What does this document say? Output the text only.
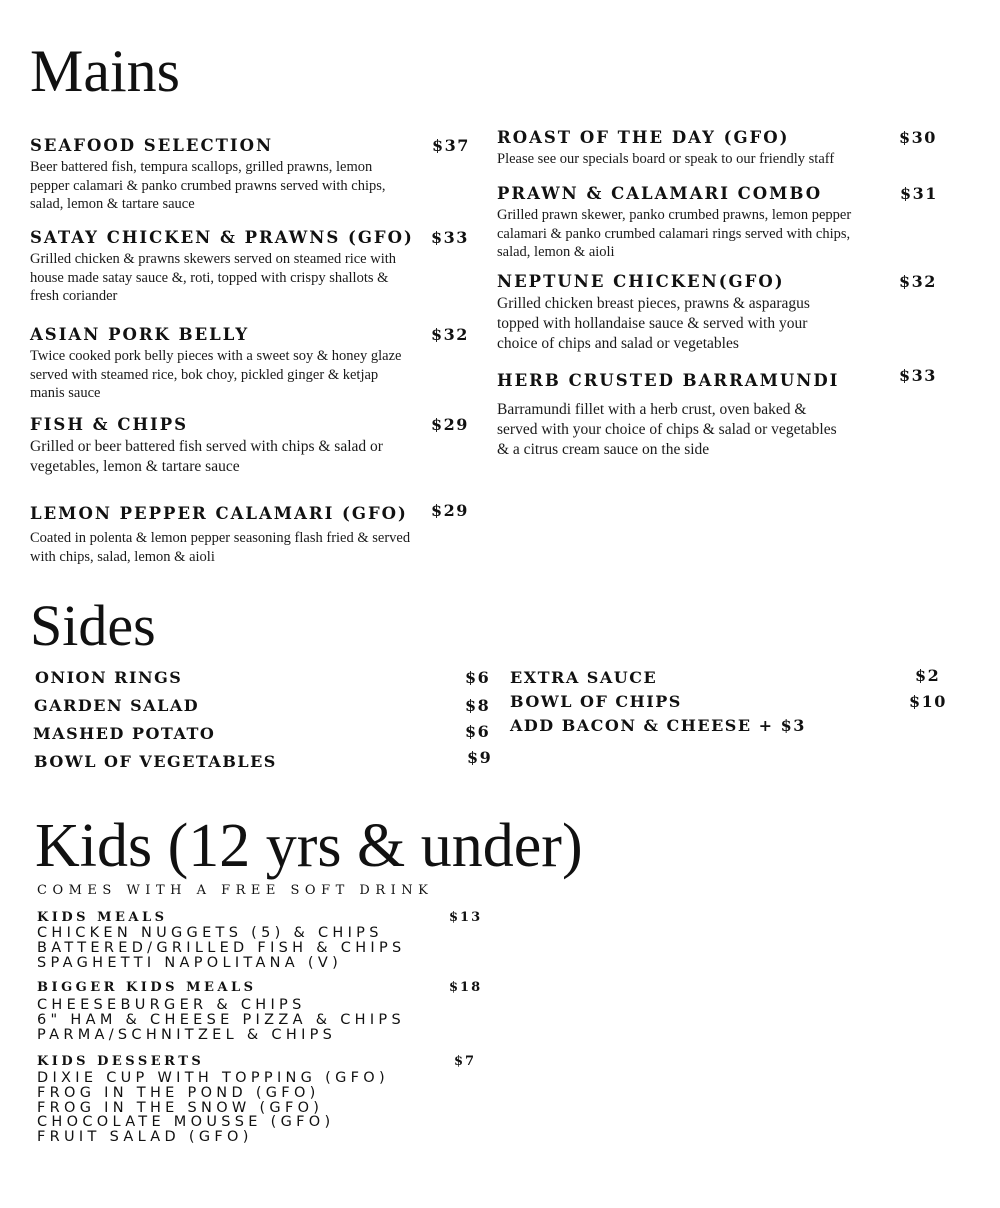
Mains
SEAFOOD SELECTION	$37
Beer battered fish, tempura scallops, grilled prawns, lemon pepper calamari & panko crumbed prawns served with chips, salad, lemon & tartare sauce
SATAY CHICKEN & PRAWNS (GFO)	$33
Grilled chicken & prawns skewers served on steamed rice with house made satay sauce &, roti, topped with crispy shallots & fresh coriander
ASIAN PORK BELLY	$32
Twice cooked pork belly pieces with a sweet soy & honey glaze served with steamed rice, bok choy, pickled ginger & ketjap manis sauce
FISH & CHIPS	$29
Grilled or beer battered fish served with chips & salad or vegetables, lemon & tartare sauce
LEMON PEPPER CALAMARI (GFO)	$29
Coated in polenta & lemon pepper seasoning flash fried & served with chips, salad, lemon & aioli
ROAST OF THE DAY (GFO)	$30
Please see our specials board or speak to our friendly staff
PRAWN & CALAMARI COMBO	$31
Grilled prawn skewer, panko crumbed prawns, lemon pepper calamari & panko crumbed calamari rings served with chips, salad, lemon & aioli
NEPTUNE CHICKEN(GFO)	$32
Grilled chicken breast pieces, prawns & asparagus topped with hollandaise sauce & served with your choice of chips and salad or vegetables
HERB CRUSTED BARRAMUNDI	$33
Barramundi fillet with a herb crust, oven baked & served with your choice of chips & salad or vegetables & a citrus cream sauce on the side
Sides
ONION RINGS	$6
GARDEN SALAD	$8
MASHED POTATO	$6
BOWL OF VEGETABLES	$9
EXTRA SAUCE	$2
BOWL OF CHIPS	$10
ADD BACON & CHEESE + $3
Kids (12 yrs & under)
COMES WITH A FREE SOFT DRINK
KIDS MEALS	$13
CHICKEN NUGGETS (5) & CHIPS
BATTERED/GRILLED FISH & CHIPS
SPAGHETTI NAPOLITANA (V)
BIGGER KIDS MEALS	$18
CHEESEBURGER & CHIPS
6" HAM & CHEESE PIZZA & CHIPS
PARMA/SCHNITZEL & CHIPS
KIDS DESSERTS	$7
DIXIE CUP WITH TOPPING (GFO)
FROG IN THE POND (GFO)
FROG IN THE SNOW (GFO)
CHOCOLATE MOUSSE (GFO)
FRUIT SALAD (GFO)
